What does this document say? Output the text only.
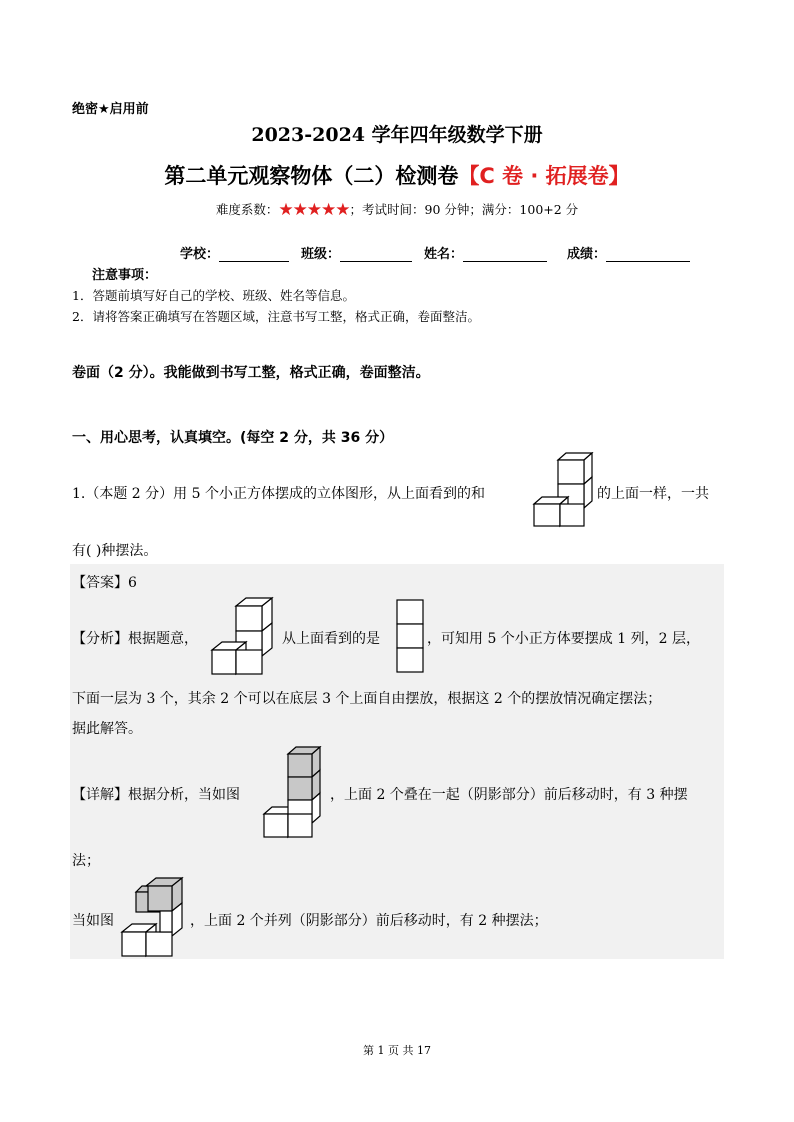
绝密★启用前
2023-2024 学年四年级数学下册
第二单元观察物体（二）检测卷【C 卷 · 拓展卷】
难度系数：★★★★★；考试时间：90 分钟；满分：100+2 分
学校：	班级：	姓名：	成绩：
注意事项：
1．答题前填写好自己的学校、班级、姓名等信息。
2．请将答案正确填写在答题区域，注意书写工整，格式正确，卷面整洁。
卷面（2 分）。我能做到书写工整，格式正确，卷面整洁。
一、用心思考，认真填空。(每空 2 分，共 36 分）
1.（本题 2 分）用 5 个小正方体摆成的立体图形，从上面看到的和	的上面一样，一共
有( )种摆法。
【答案】6
【分析】根据题意，	从上面看到的是	，可知用 5 个小正方体要摆成 1 列，2 层，
下面一层为 3 个，其余 2 个可以在底层 3 个上面自由摆放，根据这 2 个的摆放情况确定摆法；
据此解答。
【详解】根据分析，当如图	，上面 2 个叠在一起（阴影部分）前后移动时，有 3 种摆
法；
当如图	，上面 2 个并列（阴影部分）前后移动时，有 2 种摆法；
第 1 页 共 17
